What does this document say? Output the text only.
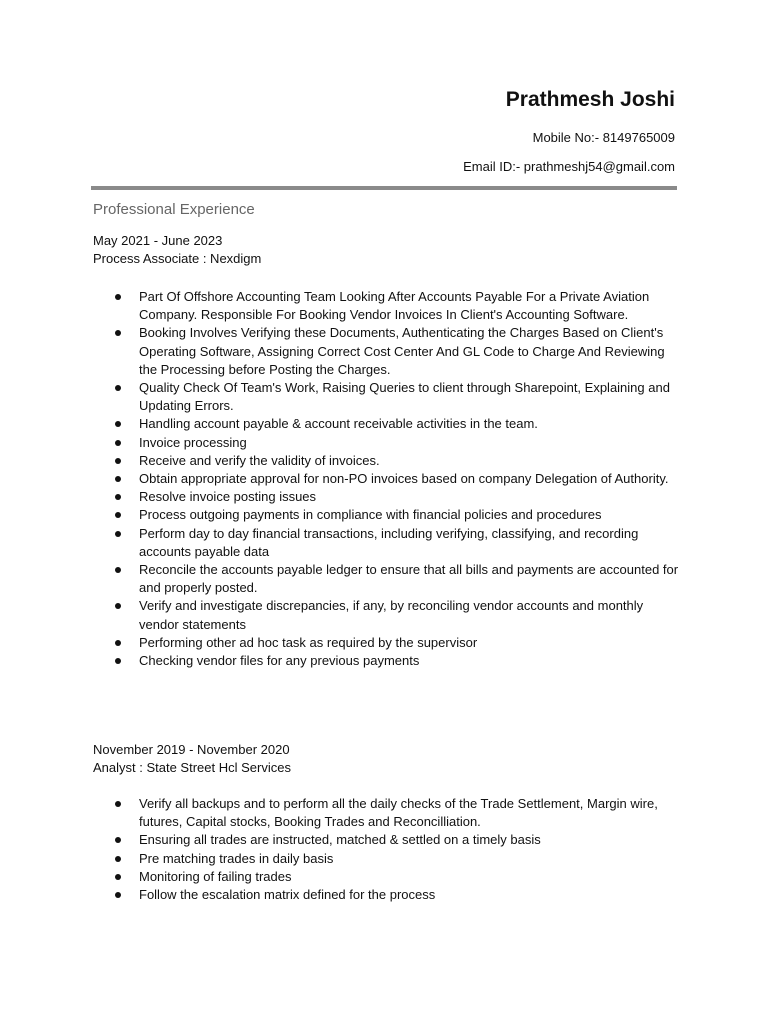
Prathmesh Joshi
Mobile No:- 8149765009
Email ID:- prathmeshj54@gmail.com
Professional Experience
May 2021 - June 2023
Process Associate : Nexdigm
Part Of Offshore Accounting Team Looking After Accounts Payable For a Private Aviation Company. Responsible For Booking Vendor Invoices In Client's Accounting Software.
Booking Involves Verifying these Documents, Authenticating the Charges Based on Client's Operating Software, Assigning Correct Cost Center And GL Code to Charge And Reviewing the Processing before Posting the Charges.
Quality Check Of Team's Work, Raising Queries to client through Sharepoint, Explaining and Updating Errors.
Handling account payable & account receivable activities in the team.
Invoice processing
Receive and verify the validity of invoices.
Obtain appropriate approval for non-PO invoices based on company Delegation of Authority.
Resolve invoice posting issues
Process outgoing payments in compliance with financial policies and procedures
Perform day to day financial transactions, including verifying, classifying, and recording accounts payable data
Reconcile the accounts payable ledger to ensure that all bills and payments are accounted for and properly posted.
Verify and investigate discrepancies, if any, by reconciling vendor accounts and monthly vendor statements
Performing other ad hoc task as required by the supervisor
Checking vendor files for any previous payments
November 2019 - November 2020
Analyst : State Street Hcl Services
Verify all backups and to perform all the daily checks of the Trade Settlement, Margin wire, futures, Capital stocks, Booking Trades and Reconcilliation.
Ensuring all trades are instructed, matched & settled on a timely basis
Pre matching trades in daily basis
Monitoring of failing trades
Follow the escalation matrix defined for the process
